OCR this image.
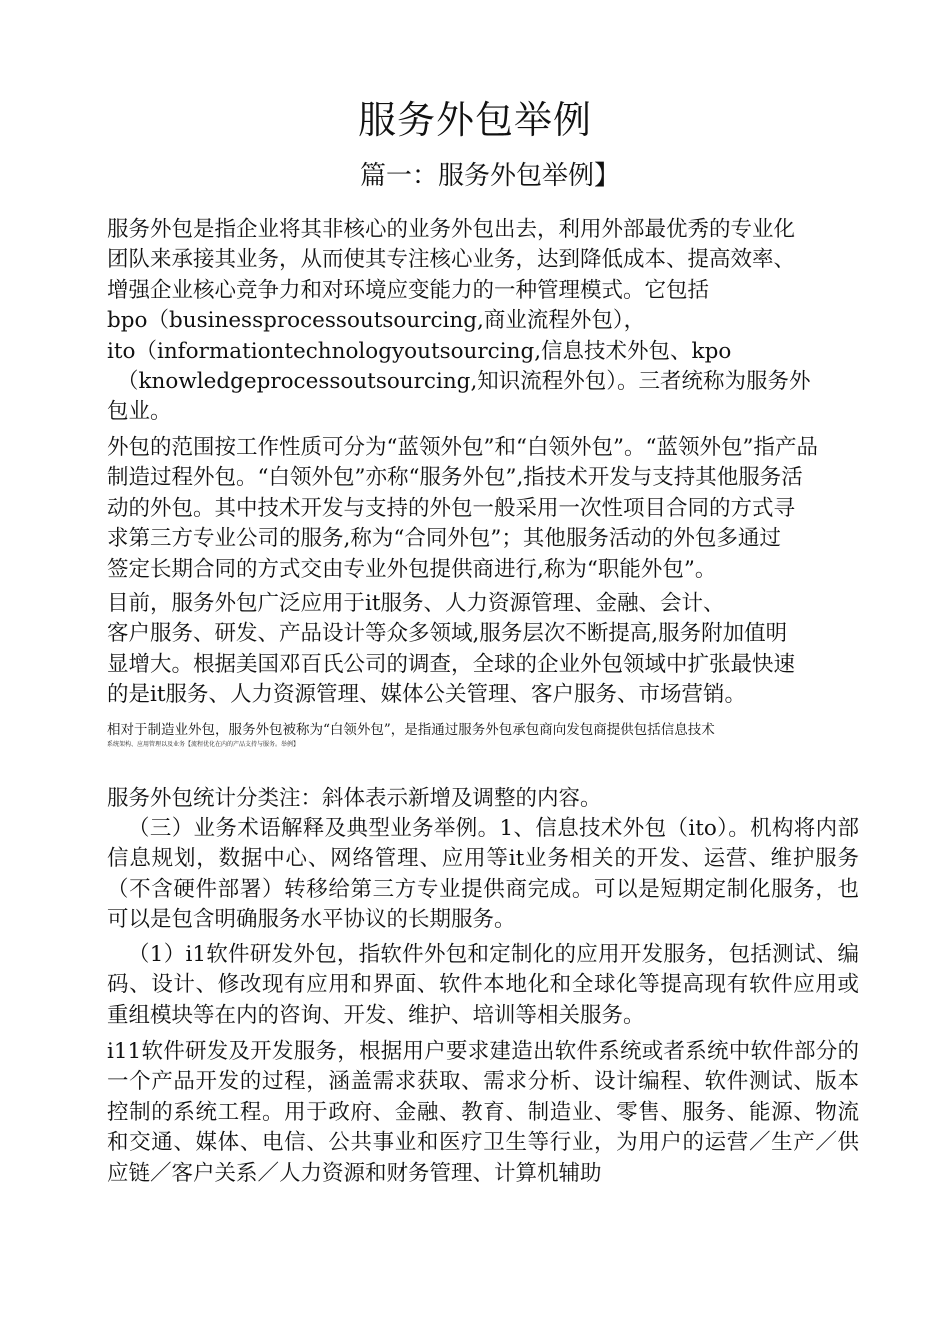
服务外包举例
篇一：服务外包举例】
服务外包是指企业将其非核心的业务外包出去，利用外部最优秀的专业化
团队来承接其业务，从而使其专注核心业务，达到降低成本、提高效率、
增强企业核心竞争力和对环境应变能力的一种管理模式。它包括
bpo（businessprocessoutsourcing,商业流程外包），
ito（informationtechnologyoutsourcing,信息技术外包、kpo
（knowledgeprocessoutsourcing,知识流程外包）。三者统称为服务外
包业。
外包的范围按工作性质可分为“蓝领外包”和“白领外包”。“蓝领外包”指产品
制造过程外包。“白领外包”亦称“服务外包”,指技术开发与支持其他服务活
动的外包。其中技术开发与支持的外包一般采用一次性项目合同的方式寻
求第三方专业公司的服务,称为“合同外包”；其他服务活动的外包多通过
签定长期合同的方式交由专业外包提供商进行,称为“职能外包”。
目前，服务外包广泛应用于it服务、人力资源管理、金融、会计、
客户服务、研发、产品设计等众多领域,服务层次不断提高,服务附加值明
显增大。根据美国邓百氏公司的调查，全球的企业外包领域中扩张最快速
的是it服务、人力资源管理、媒体公关管理、客户服务、市场营销。
相对于制造业外包，服务外包被称为“白领外包”，是指通过服务外包承包商向发包商提供包括信息技术
系统架构、应用管理以及业务【流程优化在内的产品支持与服务。举例】

服务外包统计分类注：斜体表示新增及调整的内容。

（三）业务术语解释及典型业务举例。1、信息技术外包（ito）。机构将内部信息规划，数据中心、网络管理、应用等it业务相关的开发、运营、维护服务（不含硬件部署）转移给第三方专业提供商完成。可以是短期定制化服务，也可以是包含明确服务水平协议的长期服务。

（1）i1软件研发外包，指软件外包和定制化的应用开发服务，包括测试、编码、设计、修改现有应用和界面、软件本地化和全球化等提高现有软件应用或重组模块等在内的咨询、开发、维护、培训等相关服务。

i11软件研发及开发服务，根据用户要求建造出软件系统或者系统中软件部分的一个产品开发的过程，涵盖需求获取、需求分析、设计编程、软件测试、版本控制的系统工程。用于政府、金融、教育、制造业、零售、服务、能源、物流和交通、媒体、电信、公共事业和医疗卫生等行业，为用户的运营／生产／供应链／客户关系／人力资源和财务管理、计算机辅助
